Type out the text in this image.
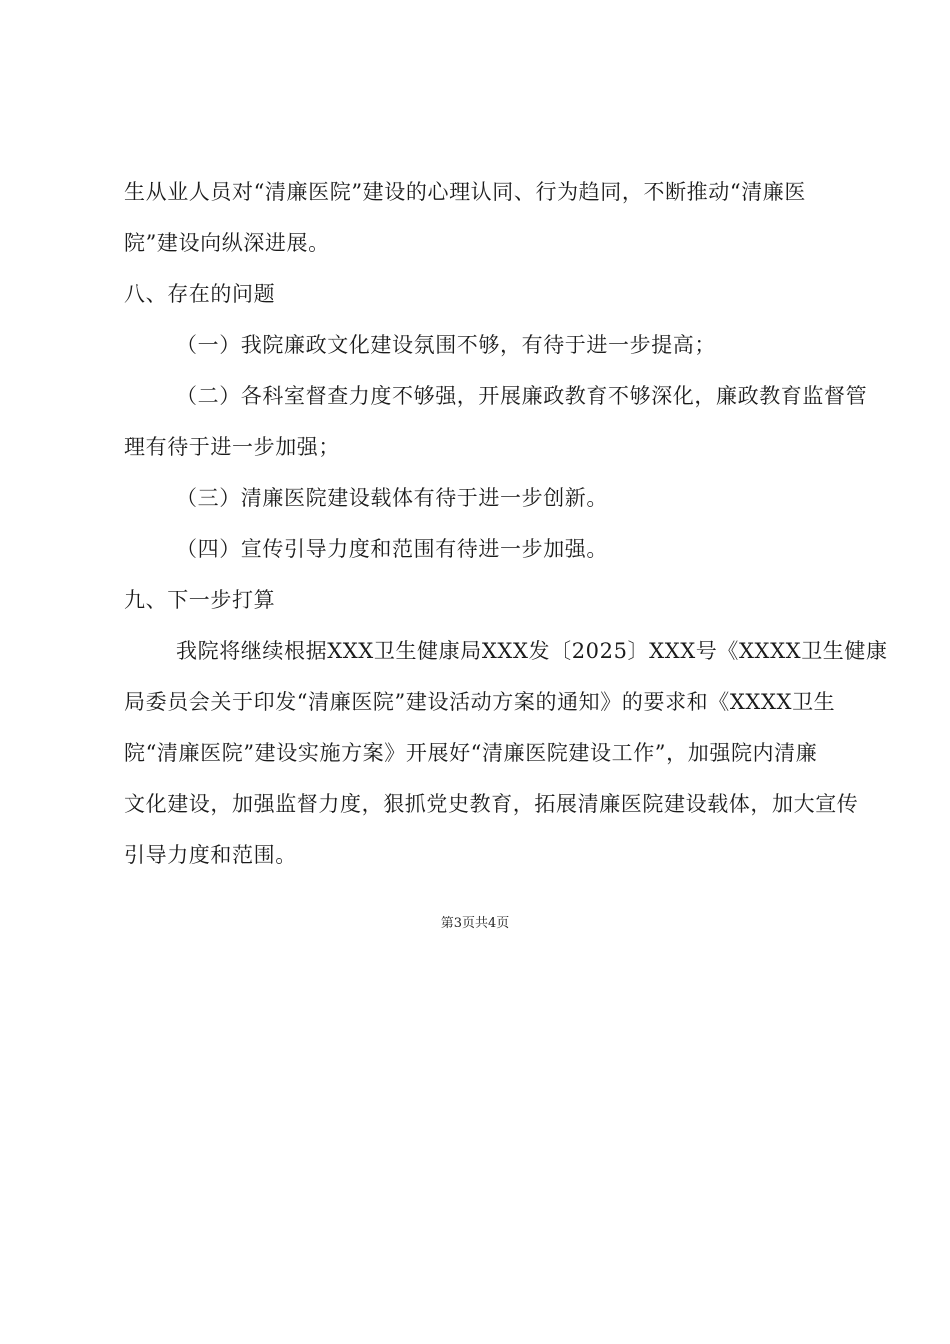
生从业人员对“清廉医院”建设的心理认同、行为趋同，不断推动“清廉医
院”建设向纵深进展。
八、存在的问题
（一）我院廉政文化建设氛围不够，有待于进一步提高；
（二）各科室督查力度不够强，开展廉政教育不够深化，廉政教育监督管
理有待于进一步加强；
（三）清廉医院建设载体有待于进一步创新。
（四）宣传引导力度和范围有待进一步加强。
九、下一步打算
我院将继续根据XXX卫生健康局XXX发〔2025〕XXX号《XXXX卫生健康
局委员会关于印发“清廉医院”建设活动方案的通知》的要求和《XXXX卫生
院“清廉医院”建设实施方案》开展好“清廉医院建设工作”，加强院内清廉
文化建设，加强监督力度，狠抓党史教育，拓展清廉医院建设载体，加大宣传
引导力度和范围。
第3页共4页
